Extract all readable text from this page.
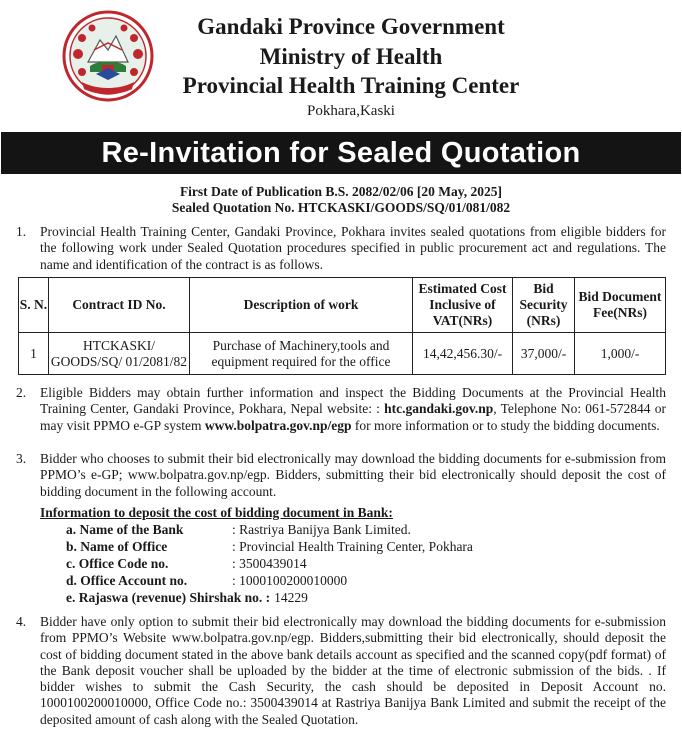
Gandaki Province Government
Ministry of Health
Provincial Health Training Center
Pokhara,Kaski
Re-Invitation for Sealed Quotation
First Date of Publication B.S. 2082/02/06 [20 May, 2025]
Sealed Quotation No. HTCKASKI/GOODS/SQ/01/081/082
1. Provincial Health Training Center, Gandaki Province, Pokhara invites sealed quotations from eligible bidders for the following work under Sealed Quotation procedures specified in public procurement act and regulations. The name and identification of the contract is as follows.
S. N.	Contract ID No.	Description of work	Estimated Cost Inclusive of VAT(NRs)	Bid Security (NRs)	Bid Document Fee(NRs)
1	HTCKASKI/ GOODS/SQ/ 01/2081/82	Purchase of Machinery,tools and equipment required for the office	14,42,456.30/-	37,000/-	1,000/-
2. Eligible Bidders may obtain further information and inspect the Bidding Documents at the Provincial Health Training Center, Gandaki Province, Pokhara, Nepal website: : htc.gandaki.gov.np, Telephone No: 061-572844 or may visit PPMO e-GP system www.bolpatra.gov.np/egp for more information or to study the bidding documents.
3. Bidder who chooses to submit their bid electronically may download the bidding documents for e-submission from PPMO’s e-GP; www.bolpatra.gov.np/egp. Bidders, submitting their bid electronically should deposit the cost of bidding document in the following account.
Information to deposit the cost of bidding document in Bank:
a. Name of the Bank	: Rastriya Banijya Bank Limited.
b. Name of Office	: Provincial Health Training Center, Pokhara
c. Office Code no.	: 3500439014
d. Office Account no.	: 1000100200010000
e. Rajaswa (revenue) Shirshak no. : 14229
4. Bidder have only option to submit their bid electronically may download the bidding documents for e-submission from PPMO’s Website www.bolpatra.gov.np/egp. Bidders,submitting their bid electronically, should deposit the cost of bidding document stated in the above bank details account as specified and the scanned copy(pdf format) of the Bank deposit voucher shall be uploaded by the bidder at the time of electronic submission of the bids. . If bidder wishes to submit the Cash Security, the cash should be deposited in Deposit Account no. 1000100200010000, Office Code no.: 3500439014 at Rastriya Banijya Bank Limited and submit the receipt of the deposited amount of cash along with the Sealed Quotation.
